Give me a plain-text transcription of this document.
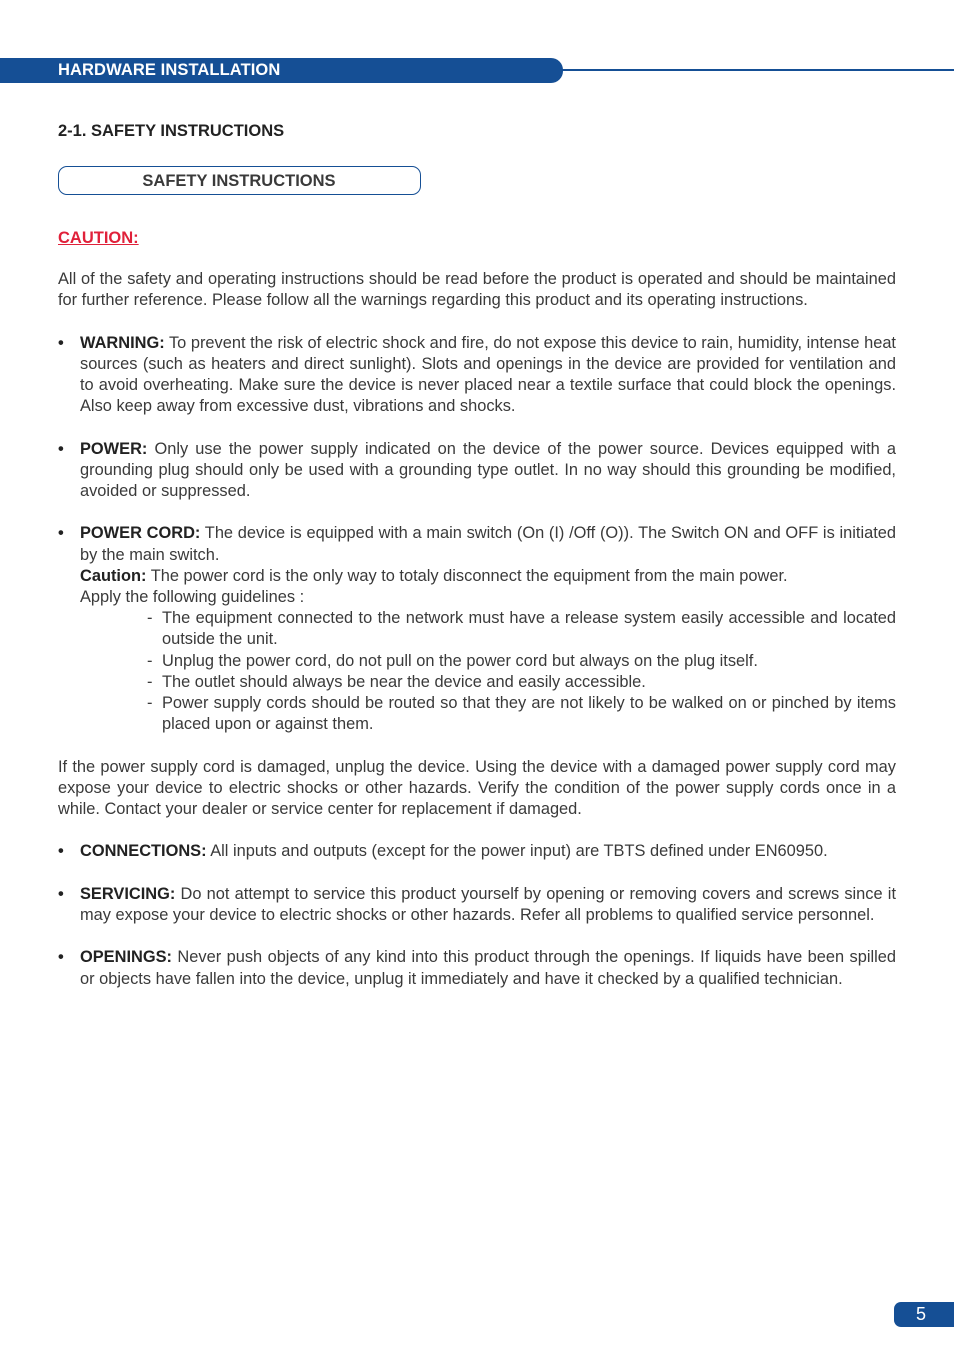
HARDWARE INSTALLATION
2-1. SAFETY INSTRUCTIONS
SAFETY INSTRUCTIONS
CAUTION:

All of the safety and operating instructions should be read before the product is operated and should be maintained for further reference. Please follow all the warnings regarding this product and its operating instructions.

• WARNING: To prevent the risk of electric shock and fire, do not expose this device to rain, humidity, intense heat sources (such as heaters and direct sunlight). Slots and openings in the device are provided for ventilation and to avoid overheating. Make sure the device is never placed near a textile surface that could block the openings. Also keep away from excessive dust, vibrations and shocks.

• POWER: Only use the power supply indicated on the device of the power source. Devices equipped with a grounding plug should only be used with a grounding type outlet. In no way should this grounding be modified, avoided or suppressed.

• POWER CORD: The device is equipped with a main switch (On (I) /Off (O)). The Switch ON and OFF is initiated by the main switch.

Caution: The power cord is the only way to totaly disconnect the equipment from the main power.

Apply the following guidelines :

- The equipment connected to the network must have a release system easily accessible and located outside the unit.

- Unplug the power cord, do not pull on the power cord but always on the plug itself.

- The outlet should always be near the device and easily accessible.

- Power supply cords should be routed so that they are not likely to be walked on or pinched by items placed upon or against them.

If the power supply cord is damaged, unplug the device. Using the device with a damaged power supply cord may expose your device to electric shocks or other hazards. Verify the condition of the power supply cords once in a while. Contact your dealer or service center for replacement if damaged.

• CONNECTIONS: All inputs and outputs (except for the power input) are TBTS defined under EN60950.

• SERVICING: Do not attempt to service this product yourself by opening or removing covers and screws since it may expose your device to electric shocks or other hazards. Refer all problems to qualified service personnel.

• OPENINGS: Never push objects of any kind into this product through the openings. If liquids have been spilled or objects have fallen into the device, unplug it immediately and have it checked by a qualified technician.

5
